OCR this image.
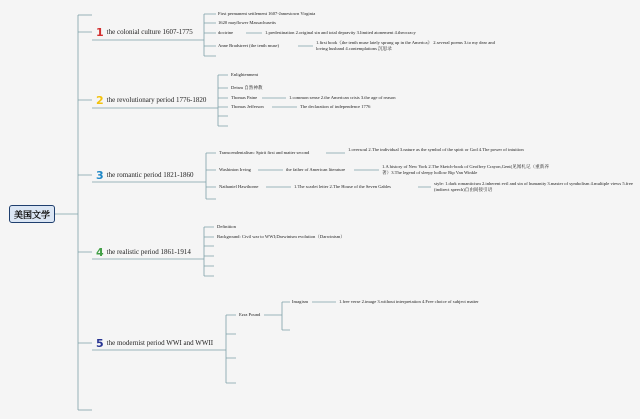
美国文学
1 the colonial culture 1607-1775
First permanent settlement 1607-Jamestown Virginia
1620 mayflower Massachusetts
doctrine	1.predestination 2.original sin and total depravity 3.limited atonement 4.theocracy
Anne Bradstreet (the tenth muse)
1.first book《the tenth muse lately sprung up in the America》 2.several poems 3.to my dear and loving husband 4.contemplations 沉思录
2 the revolutionary period 1776-1820
Enlightenment
Deism 自然神教
Thomas Paine	1.common sense 2.the American crisis 3.the age of reason
Thomas Jefferson	The declaration of independence 1776
3 the romantic period 1821-1860
Transcendentalism: Spirit first and matter second
1.oversoul 2.The individual 3.nature as the symbol of the spirit or God 4.The power of intuition
Washinton Irving	the father of American literature
1.A history of New York 2.The Sketch-book of Geoffrey Crayon,Gent(见闻札记（重新养著）3.The legend of sleepy hollow Rip Van Winkle
Nathaniel Hawthorne	1.The scarlet letter 2.The House of the Seven Gables
style: 1.dark romanticism 2.inherent evil and sin of humanity 3.master of symbolism 4.multiple views 5.free (indirect speech)自由间接引语
4 the realistic period 1861-1914
Definition
Background: Civil war to WWI;Darwinism evolution（Darwinism）
5 the modernist period WWI and WWII
Ezra Pound
Imagism	1.free verse 2.image 3.without interpretation 4.Free choice of subject matter
